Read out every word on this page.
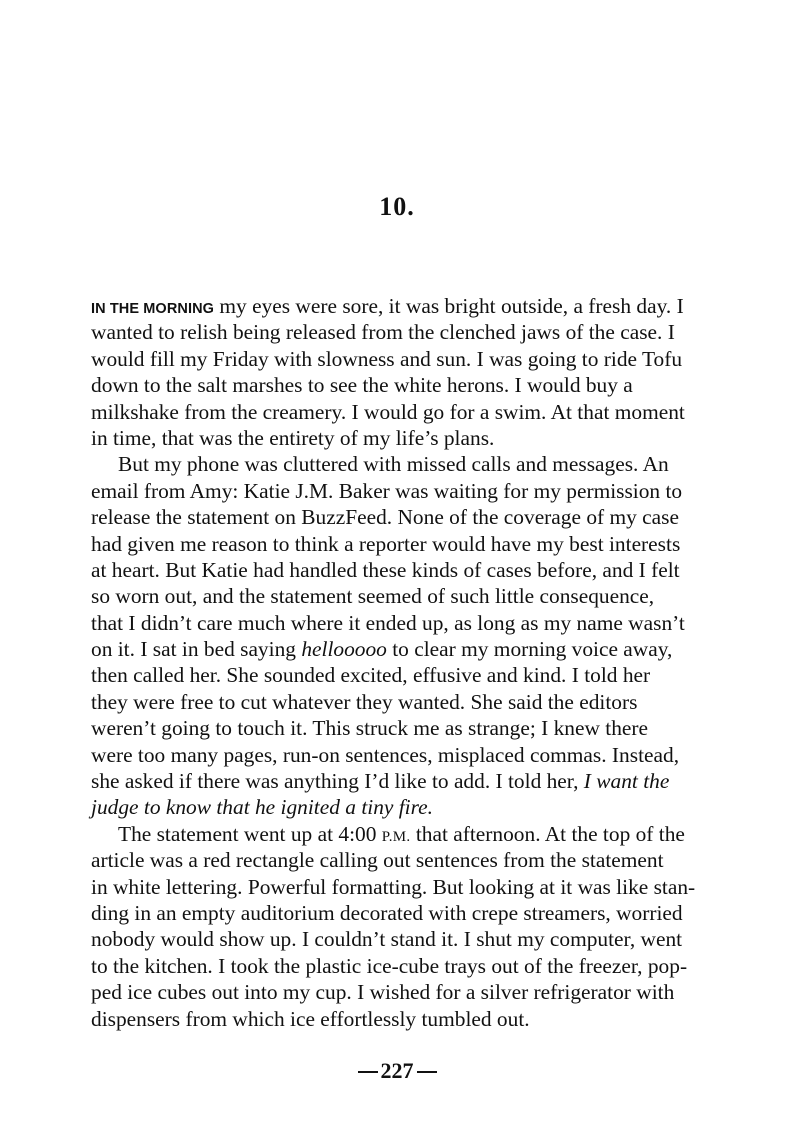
10.
IN THE MORNING my eyes were sore, it was bright outside, a fresh day. I
wanted to relish being released from the clenched jaws of the case. I
would fill my Friday with slowness and sun. I was going to ride Tofu
down to the salt marshes to see the white herons. I would buy a
milkshake from the creamery. I would go for a swim. At that moment
in time, that was the entirety of my life’s plans.
But my phone was cluttered with missed calls and messages. An
email from Amy: Katie J.M. Baker was waiting for my permission to
release the statement on BuzzFeed. None of the coverage of my case
had given me reason to think a reporter would have my best interests
at heart. But Katie had handled these kinds of cases before, and I felt
so worn out, and the statement seemed of such little consequence,
that I didn’t care much where it ended up, as long as my name wasn’t
on it. I sat in bed saying hellooooo to clear my morning voice away,
then called her. She sounded excited, effusive and kind. I told her
they were free to cut whatever they wanted. She said the editors
weren’t going to touch it. This struck me as strange; I knew there
were too many pages, run-on sentences, misplaced commas. Instead,
she asked if there was anything I’d like to add. I told her, I want the
judge to know that he ignited a tiny fire.
The statement went up at 4:00 P.M. that afternoon. At the top of the
article was a red rectangle calling out sentences from the statement
in white lettering. Powerful formatting. But looking at it was like stan-
ding in an empty auditorium decorated with crepe streamers, worried
nobody would show up. I couldn’t stand it. I shut my computer, went
to the kitchen. I took the plastic ice-cube trays out of the freezer, pop-
ped ice cubes out into my cup. I wished for a silver refrigerator with
dispensers from which ice effortlessly tumbled out.
227
